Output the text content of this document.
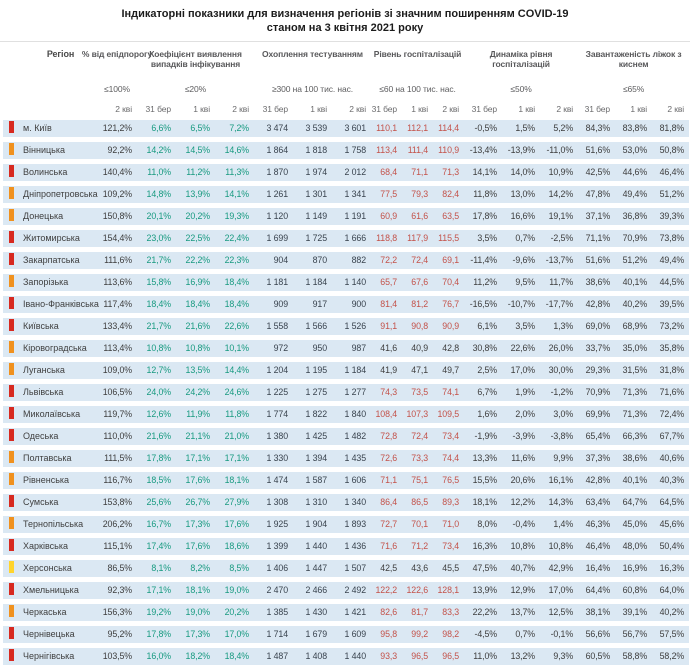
Індикаторні показники для визначення регіонів зі значним поширенням COVID-19
станом на 3 квітня 2021 року
Регіон	% від епідпорогу	Коефіцієнт виявлення випадків інфікування			Охоплення тестуванням			Рівень госпіталізацій			Динаміка рівня госпіталізацій			Завантаженість ліжок з киснем		

	≤100%	≤20%			≥300 на 100 тис. нас.			≤60 на 100 тис. нас.			≤50%			≤65%		
	2 кві	31 бер	1 кві	2 кві	31 бер	1 кві	2 кві	31 бер	1 кві	2 кві	31 бер	1 кві	2 кві	31 бер	1 кві	2 кві
м. Київ	121,2%	6,6%	6,5%	7,2%	3 474	3 539	3 601	110,1	112,1	114,4	-0,5%	1,5%	5,2%	84,3%	83,8%	81,8%
Вінницька	92,2%	14,2%	14,5%	14,6%	1 864	1 818	1 758	113,4	111,4	110,9	-13,4%	-13,9%	-11,0%	51,6%	53,0%	50,8%
Волинська	140,4%	11,0%	11,2%	11,3%	1 870	1 974	2 012	68,4	71,1	71,3	14,1%	14,0%	10,9%	42,5%	44,6%	46,4%
Дніпропетровська	109,2%	14,8%	13,9%	14,1%	1 261	1 301	1 341	77,5	79,3	82,4	11,8%	13,0%	14,2%	47,8%	49,4%	51,2%
Донецька	150,8%	20,1%	20,2%	19,3%	1 120	1 149	1 191	60,9	61,6	63,5	17,8%	16,6%	19,1%	37,1%	36,8%	39,3%
Житомирська	154,4%	23,0%	22,5%	22,4%	1 699	1 725	1 666	118,8	117,9	115,5	3,5%	0,7%	-2,5%	71,1%	70,9%	73,8%
Закарпатська	111,6%	21,7%	22,2%	22,3%	904	870	882	72,2	72,4	69,1	-11,4%	-9,6%	-13,7%	51,6%	51,2%	49,4%
Запорізька	113,6%	15,8%	16,9%	18,4%	1 181	1 184	1 140	65,7	67,6	70,4	11,2%	9,5%	11,7%	38,6%	40,1%	44,5%
Івано-Франківська	117,4%	18,4%	18,4%	18,4%	909	917	900	81,4	81,2	76,7	-16,5%	-10,7%	-17,7%	42,8%	40,2%	39,5%
Київська	133,4%	21,7%	21,6%	22,6%	1 558	1 566	1 526	91,1	90,8	90,9	6,1%	3,5%	1,3%	69,0%	68,9%	73,2%
Кіровоградська	113,4%	10,8%	10,8%	10,1%	972	950	987	41,6	40,9	42,8	30,8%	22,6%	26,0%	33,7%	35,0%	35,8%
Луганська	109,0%	12,7%	13,5%	14,4%	1 204	1 195	1 184	41,9	47,1	49,7	2,5%	17,0%	30,0%	29,3%	31,5%	31,8%
Львівська	106,5%	24,0%	24,2%	24,6%	1 225	1 275	1 277	74,3	73,5	74,1	6,7%	1,9%	-1,2%	70,9%	71,3%	71,6%
Миколаївська	119,7%	12,6%	11,9%	11,8%	1 774	1 822	1 840	108,4	107,3	109,5	1,6%	2,0%	3,0%	69,9%	71,3%	72,4%
Одеська	110,0%	21,6%	21,1%	21,0%	1 380	1 425	1 482	72,8	72,4	73,4	-1,9%	-3,9%	-3,8%	65,4%	66,3%	67,7%
Полтавська	111,5%	17,8%	17,1%	17,1%	1 330	1 394	1 435	72,6	73,3	74,4	13,3%	11,6%	9,9%	37,3%	38,6%	40,6%
Рівненська	116,7%	18,5%	17,6%	18,1%	1 474	1 587	1 606	71,1	75,1	76,5	15,5%	20,6%	16,1%	42,8%	40,1%	40,3%
Сумська	153,8%	25,6%	26,7%	27,9%	1 308	1 310	1 340	86,4	86,5	89,3	18,1%	12,2%	14,3%	63,4%	64,7%	64,5%
Тернопільська	206,2%	16,7%	17,3%	17,6%	1 925	1 904	1 893	72,7	70,1	71,0	8,0%	-0,4%	1,4%	46,3%	45,0%	45,6%
Харківська	115,1%	17,4%	17,6%	18,6%	1 399	1 440	1 436	71,6	71,2	73,4	16,3%	10,8%	10,8%	46,4%	48,0%	50,4%
Херсонська	86,5%	8,1%	8,2%	8,5%	1 406	1 447	1 507	42,5	43,6	45,5	47,5%	40,7%	42,9%	16,4%	16,9%	16,3%
Хмельницька	92,3%	17,1%	18,1%	19,0%	2 470	2 466	2 492	122,2	122,6	128,1	13,9%	12,9%	17,0%	64,4%	60,8%	64,0%
Черкаська	156,3%	19,2%	19,0%	20,2%	1 385	1 430	1 421	82,6	81,7	83,3	22,2%	13,7%	12,5%	38,1%	39,1%	40,2%
Чернівецька	95,2%	17,8%	17,3%	17,0%	1 714	1 679	1 609	95,8	99,2	98,2	-4,5%	0,7%	-0,1%	56,6%	56,7%	57,5%
Чернігівська	103,5%	16,0%	18,2%	18,4%	1 487	1 408	1 440	93,3	96,5	96,5	11,0%	13,2%	9,3%	60,5%	58,8%	58,2%
